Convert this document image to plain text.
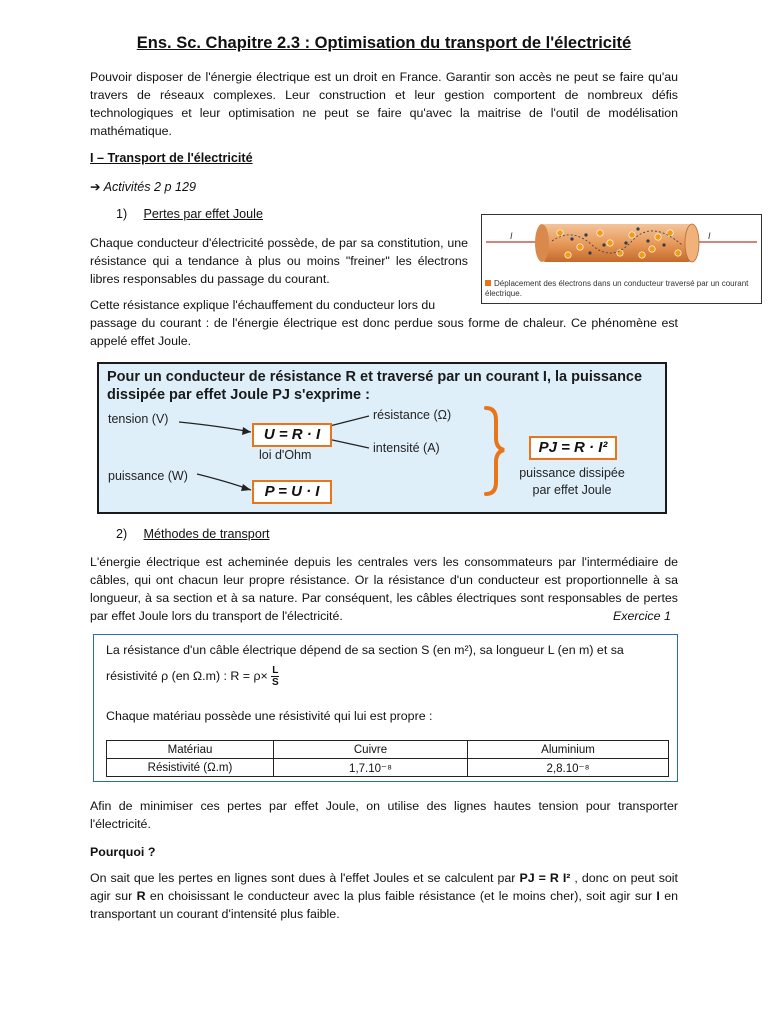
Ens. Sc. Chapitre 2.3 : Optimisation du transport de l'électricité
Pouvoir disposer de l'énergie électrique est un droit en France. Garantir son accès ne peut se faire qu'au travers de réseaux complexes. Leur construction et leur gestion comportent de nombreux défis technologiques et leur optimisation ne peut se faire qu'avec la maitrise de l'outil de modélisation mathématique.
I – Transport de l'électricité
➔ Activités 2 p 129
1) Pertes par effet Joule
Chaque conducteur d'électricité possède, de par sa constitution, une résistance qui a tendance à plus ou moins "freiner" les électrons libres responsables du passage du courant.
Cette résistance explique l'échauffement du conducteur lors du
passage du courant : de l'énergie électrique est donc perdue sous forme de chaleur. Ce phénomène est appelé effet Joule.
I	I
Déplacement des électrons dans un conducteur traversé par un courant électrique.
Pour un conducteur de résistance R et traversé par un courant I, la puissance dissipée par effet Joule PJ s'exprime :
tension (V)	résistance (Ω)
intensité (A)
U = R · I
loi d'Ohm
puissance (W)
P = U · I
PJ = R · I²
puissance dissipée par effet Joule
2) Méthodes de transport
L'énergie électrique est acheminée depuis les centrales vers les consommateurs par l'intermédiaire de câbles, qui ont chacun leur propre résistance. Or la résistance d'un conducteur est proportionnelle à sa longueur, à sa section et à sa nature. Par conséquent, les câbles électriques sont responsables de pertes par effet Joule lors du transport de l'électricité.	Exercice 1
La résistance d'un câble électrique dépend de sa section S (en m²), sa longueur L (en m) et sa
résistivité ρ (en Ω.m) : $R = \rho\times \frac{L}{S}$
Chaque matériau possède une résistivité qui lui est propre :
Matériau	Cuivre	Aluminium
Résistivité (Ω.m)	1,7.10⁻⁸	2,8.10⁻⁸
Afin de minimiser ces pertes par effet Joule, on utilise des lignes hautes tension pour transporter l'électricité.
Pourquoi ?
On sait que les pertes en lignes sont dues à l'effet Joules et se calculent par PJ = R I² , donc on peut soit agir sur R en choisissant le conducteur avec la plus faible résistance (et le moins cher), soit agir sur I en transportant un courant d'intensité plus faible.
